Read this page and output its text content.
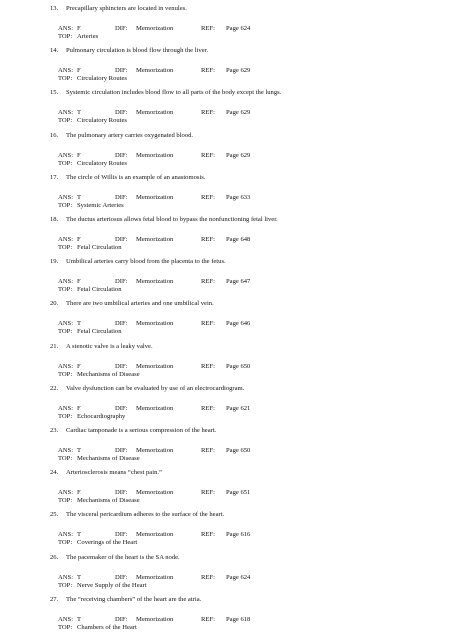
13. Precapillary sphincters are located in venules.
ANS: F	DIF: Memorization	REF: Page 624
TOP: Arteries
14. Pulmonary circulation is blood flow through the liver.
ANS: F	DIF: Memorization	REF: Page 629
TOP: Circulatory Routes
15. Systemic circulation includes blood flow to all parts of the body except the lungs.
ANS: T	DIF: Memorization	REF: Page 629
TOP: Circulatory Routes
16. The pulmonary artery carries oxygenated blood.
ANS: F	DIF: Memorization	REF: Page 629
TOP: Circulatory Routes
17. The circle of Willis is an example of an anastomosis.
ANS: T	DIF: Memorization	REF: Page 633
TOP: Systemic Arteries
18. The ductus arteriosus allows fetal blood to bypass the nonfunctioning fetal liver.
ANS: F	DIF: Memorization	REF: Page 648
TOP: Fetal Circulation
19. Umbilical arteries carry blood from the placenta to the fetus.
ANS: F	DIF: Memorization	REF: Page 647
TOP: Fetal Circulation
20. There are two umbilical arteries and one umbilical vein.
ANS: T	DIF: Memorization	REF: Page 646
TOP: Fetal Circulation
21. A stenotic valve is a leaky valve.
ANS: F	DIF: Memorization	REF: Page 650
TOP: Mechanisms of Disease
22. Valve dysfunction can be evaluated by use of an electrocardiogram.
ANS: F	DIF: Memorization	REF: Page 621
TOP: Echocardiography
23. Cardiac tamponade is a serious compression of the heart.
ANS: T	DIF: Memorization	REF: Page 650
TOP: Mechanisms of Disease
24. Arteriosclerosis means “chest pain.”
ANS: F	DIF: Memorization	REF: Page 651
TOP: Mechanisms of Disease
25. The visceral pericardium adheres to the surface of the heart.
ANS: T	DIF: Memorization	REF: Page 616
TOP: Coverings of the Heart
26. The pacemaker of the heart is the SA node.
ANS: T	DIF: Memorization	REF: Page 624
TOP: Nerve Supply of the Heart
27. The “receiving chambers” of the heart are the atria.
ANS: T	DIF: Memorization	REF: Page 618
TOP: Chambers of the Heart
